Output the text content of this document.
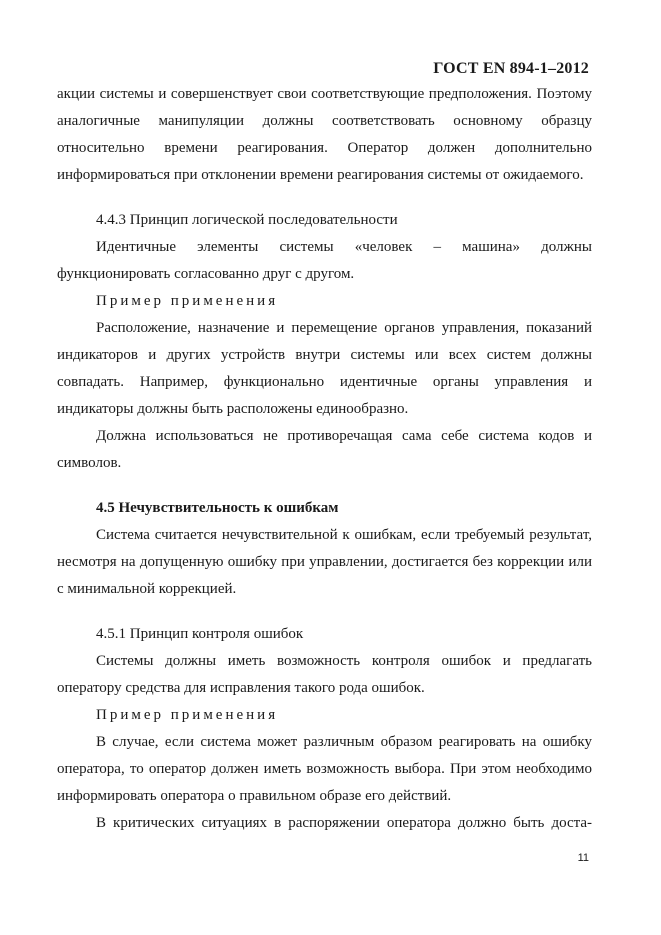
ГОСТ EN 894-1–2012

акции системы и совершенствует свои соответствующие предположения. Поэтому аналогичные манипуляции должны соответствовать основному образцу относительно времени реагирования. Оператор должен дополнительно информироваться при отклонении времени реагирования системы от ожидаемого.

4.4.3 Принцип логической последовательности

Идентичные элементы системы «человек – машина» должны функционировать согласованно друг с другом.

Пример применения

Расположение, назначение и перемещение органов управления, показаний индикаторов и других устройств внутри системы или всех систем должны совпадать. Например, функционально идентичные органы управления и индикаторы должны быть расположены единообразно.

Должна использоваться не противоречащая сама себе система кодов и символов.

4.5 Нечувствительность к ошибкам

Система считается нечувствительной к ошибкам, если требуемый результат, несмотря на допущенную ошибку при управлении, достигается без коррекции или с минимальной коррекцией.

4.5.1 Принцип контроля ошибок

Системы должны иметь возможность контроля ошибок и предлагать оператору средства для исправления такого рода ошибок.

Пример применения

В случае, если система может различным образом реагировать на ошибку оператора, то оператор должен иметь возможность выбора. При этом необходимо информировать оператора о правильном образе его действий.

В критических ситуациях в распоряжении оператора должно быть доста-

11
